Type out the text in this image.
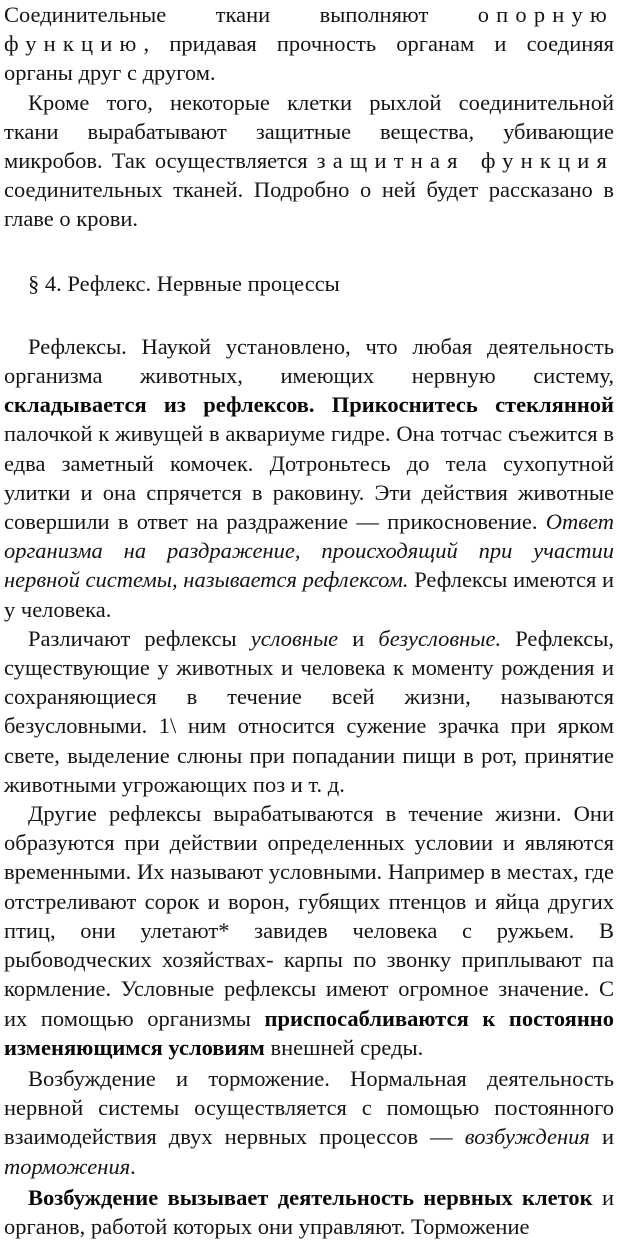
Соединительные ткани выполняют опорную функцию, придавая прочность органам и соединяя органы друг с другом.

Кроме того, некоторые клетки рыхлой соединительной ткани вырабатывают защитные вещества, убивающие микробов. Так осуществляется защитная функция соединительных тканей. Подробно о ней будет рассказано в главе о крови.

§ 4. Рефлекс. Нервные процессы

Рефлексы. Наукой установлено, что любая деятельность организма животных, имеющих нервную систему, складывается из рефлексов. Прикоснитесь стеклянной палочкой к живущей в аквариуме гидре. Она тотчас съежится в едва заметный комочек. Дотроньтесь до тела сухопутной улитки и она спрячется в раковину. Эти действия животные совершили в ответ на раздражение — прикосновение. Ответ организма на раздражение, происходящий при участии нервной системы, называется рефлексом. Рефлексы имеются и у человека.

Различают рефлексы условные и безусловные. Рефлексы, существующие у животных и человека к моменту рождения и сохраняющиеся в течение всей жизни, называются безусловными. 1\ ним относится сужение зрачка при ярком свете, выделение слюны при попадании пищи в рот, принятие животными угрожающих поз и т. д.

Другие рефлексы вырабатываются в течение жизни. Они образуются при действии определенных условии и являются временными. Их называют условными. Например в местах, где отстреливают сорок и ворон, губящих птенцов и яйца других птиц, они улетают* завидев человека с ружьем. В рыбоводческих хозяйствах- карпы по звонку приплывают па кормление. Условные рефлексы имеют огромное значение. С их помощью организмы приспосабливаются к постоянно изменяющимся условиям внешней среды.

Возбуждение и торможение. Нормальная деятельность нервной системы осуществляется с помощью постоянного взаимодействия двух нервных процессов — возбуждения и торможения.

Возбуждение вызывает деятельность нервных клеток и органов, работой которых они управляют. Торможение
